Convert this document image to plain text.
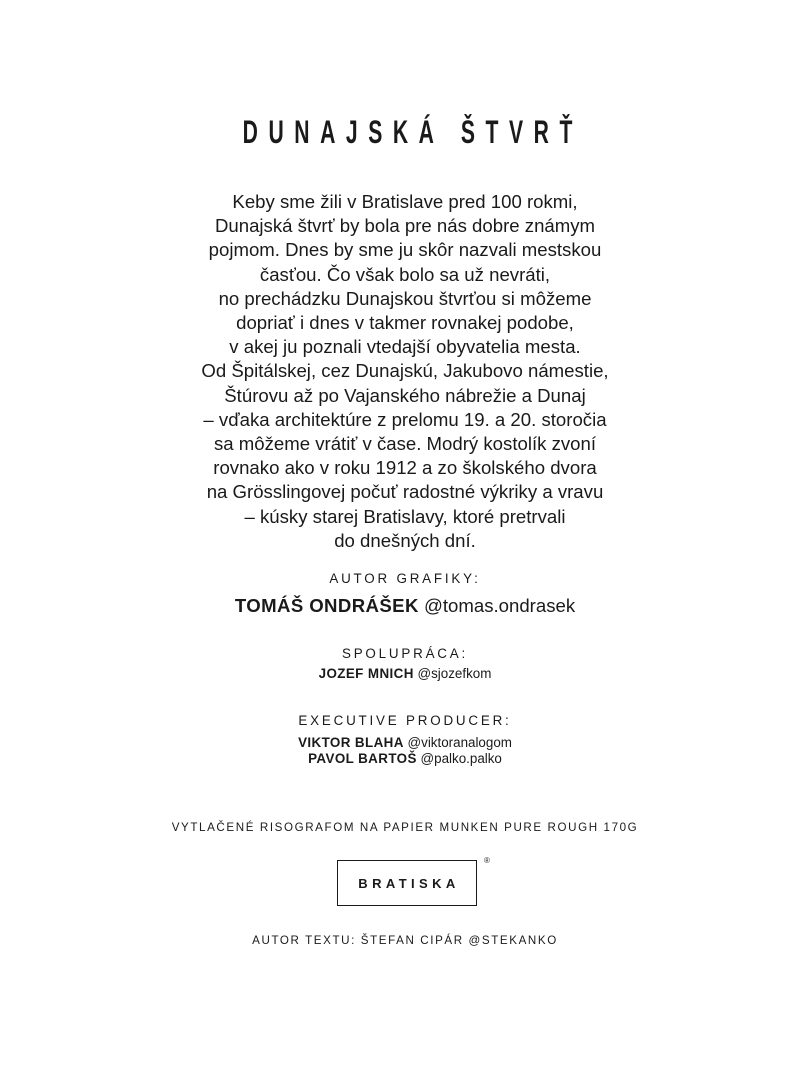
DUNAJSKÁ ŠTVRŤ
Keby sme žili v Bratislave pred 100 rokmi,
Dunajská štvrť by bola pre nás dobre známym
pojmom. Dnes by sme ju skôr nazvali mestskou
časťou. Čo však bolo sa už nevráti,
no prechádzku Dunajskou štvrťou si môžeme
dopriať i dnes v takmer rovnakej podobe,
v akej ju poznali vtedajší obyvatelia mesta.
Od Špitálskej, cez Dunajskú, Jakubovo námestie,
Štúrovu až po Vajanského nábrežie a Dunaj
– vďaka architektúre z prelomu 19. a 20. storočia
sa môžeme vrátiť v čase. Modrý kostolík zvoní
rovnako ako v roku 1912 a zo školského dvora
na Grösslingovej počuť radostné výkriky a vravu
– kúsky starej Bratislavy, ktoré pretrvali
do dnešných dní.
AUTOR GRAFIKY:
TOMÁŠ ONDRÁŠEK @tomas.ondrasek
SPOLUPRÁCA:
JOZEF MNICH @sjozefkom
EXECUTIVE PRODUCER:
VIKTOR BLAHA @viktoranalogom
PAVOL BARTOŠ @palko.palko
VYTLAČENÉ RISOGRAFOM NA PAPIER MUNKEN PURE ROUGH 170G
BRATISKA
®
AUTOR TEXTU: ŠTEFAN CIPÁR @STEKANKO
